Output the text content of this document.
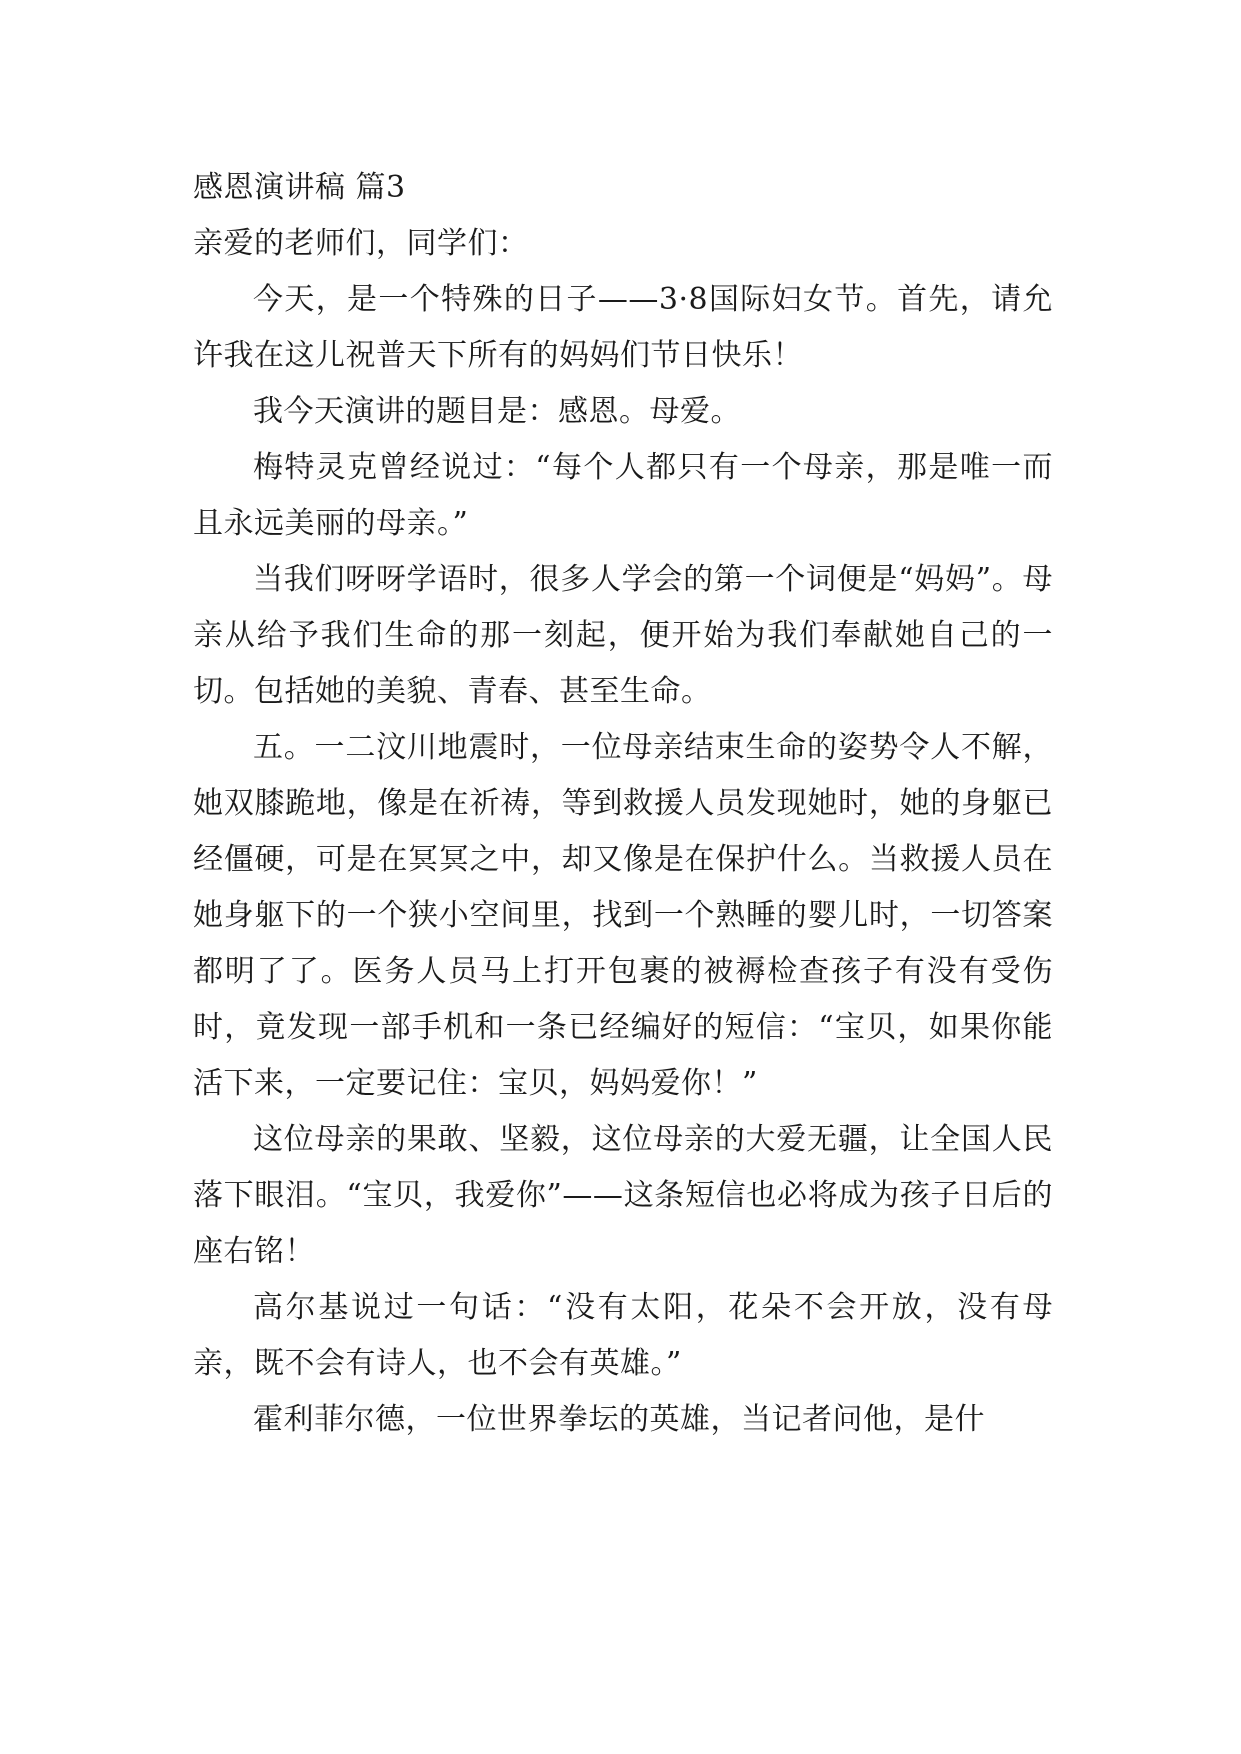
感恩演讲稿 篇3
亲爱的老师们，同学们：

今天，是一个特殊的日子——3·8国际妇女节。首先，请允许我在这儿祝普天下所有的妈妈们节日快乐！

我今天演讲的题目是：感恩。母爱。

梅特灵克曾经说过：“每个人都只有一个母亲，那是唯一而且永远美丽的母亲。”

当我们呀呀学语时，很多人学会的第一个词便是“妈妈”。母亲从给予我们生命的那一刻起，便开始为我们奉献她自己的一切。包括她的美貌、青春、甚至生命。

五。一二汶川地震时，一位母亲结束生命的姿势令人不解，她双膝跪地，像是在祈祷，等到救援人员发现她时，她的身躯已经僵硬，可是在冥冥之中，却又像是在保护什么。当救援人员在她身躯下的一个狭小空间里，找到一个熟睡的婴儿时，一切答案都明了了。医务人员马上打开包裹的被褥检查孩子有没有受伤时，竟发现一部手机和一条已经编好的短信：“宝贝，如果你能活下来，一定要记住：宝贝，妈妈爱你！”

这位母亲的果敢、坚毅，这位母亲的大爱无疆，让全国人民落下眼泪。“宝贝，我爱你”——这条短信也必将成为孩子日后的座右铭！

高尔基说过一句话：“没有太阳，花朵不会开放，没有母亲，既不会有诗人，也不会有英雄。”

霍利菲尔德，一位世界拳坛的英雄，当记者问他，是什
